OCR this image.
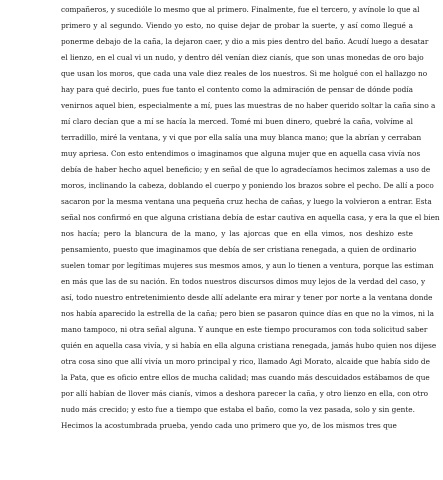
compañeros, y sucedióle lo mesmo que al primero. Finalmente, fue el tercero, y avínole lo que al
primero y al segundo. Viendo yo esto, no quise dejar de probar la suerte, y así como llegué a
ponerme debajo de la caña, la dejaron caer, y dio a mis pies dentro del baño. Acudí luego a desatar
el lienzo, en el cual vi un nudo, y dentro dél venían diez cianís, que son unas monedas de oro bajo
que usan los moros, que cada una vale diez reales de los nuestros. Si me holgué con el hallazgo no
hay para qué decirlo, pues fue tanto el contento como la admiración de pensar de dónde podía
venirnos aquel bien, especialmente a mí, pues las muestras de no haber querido soltar la caña sino a
mí claro decían que a mí se hacía la merced. Tomé mi buen dinero, quebré la caña, volvíme al
terradillo, miré la ventana, y vi que por ella salía una muy blanca mano; que la abrían y cerraban
muy apriesa. Con esto entendimos o imaginamos que alguna mujer que en aquella casa vivía nos
debía de haber hecho aquel beneficio; y en señal de que lo agradecíamos hecimos zalemas a uso de
moros, inclinando la cabeza, doblando el cuerpo y poniendo los brazos sobre el pecho. De allí a poco
sacaron por la mesma ventana una pequeña cruz hecha de cañas, y luego la volvieron a entrar. Esta
señal nos confirmó en que alguna cristiana debía de estar cautiva en aquella casa, y era la que el bien
nos hacía; pero la blancura de la mano, y las ajorcas que en ella vimos, nos deshizo este
pensamiento, puesto que imaginamos que debía de ser cristiana renegada, a quien de ordinario
suelen tomar por legítimas mujeres sus mesmos amos, y aun lo tienen a ventura, porque las estiman
en más que las de su nación. En todos nuestros discursos dimos muy lejos de la verdad del caso, y
así, todo nuestro entretenimiento desde allí adelante era mirar y tener por norte a la ventana donde
nos había aparecido la estrella de la caña; pero bien se pasaron quince días en que no la vimos, ni la
mano tampoco, ni otra señal alguna. Y aunque en este tiempo procuramos con toda solicitud saber
quién en aquella casa vivía, y si había en ella alguna cristiana renegada, jamás hubo quien nos dijese
otra cosa sino que allí vivía un moro principal y rico, llamado Agi Morato, alcaide que había sido de
la Pata, que es oficio entre ellos de mucha calidad; mas cuando más descuidados estábamos de que
por allí habían de llover más cianís, vimos a deshora parecer la caña, y otro lienzo en ella, con otro
nudo más crecido; y esto fue a tiempo que estaba el baño, como la vez pasada, solo y sin gente.
Hecimos la acostumbrada prueba, yendo cada uno primero que yo, de los mismos tres que
